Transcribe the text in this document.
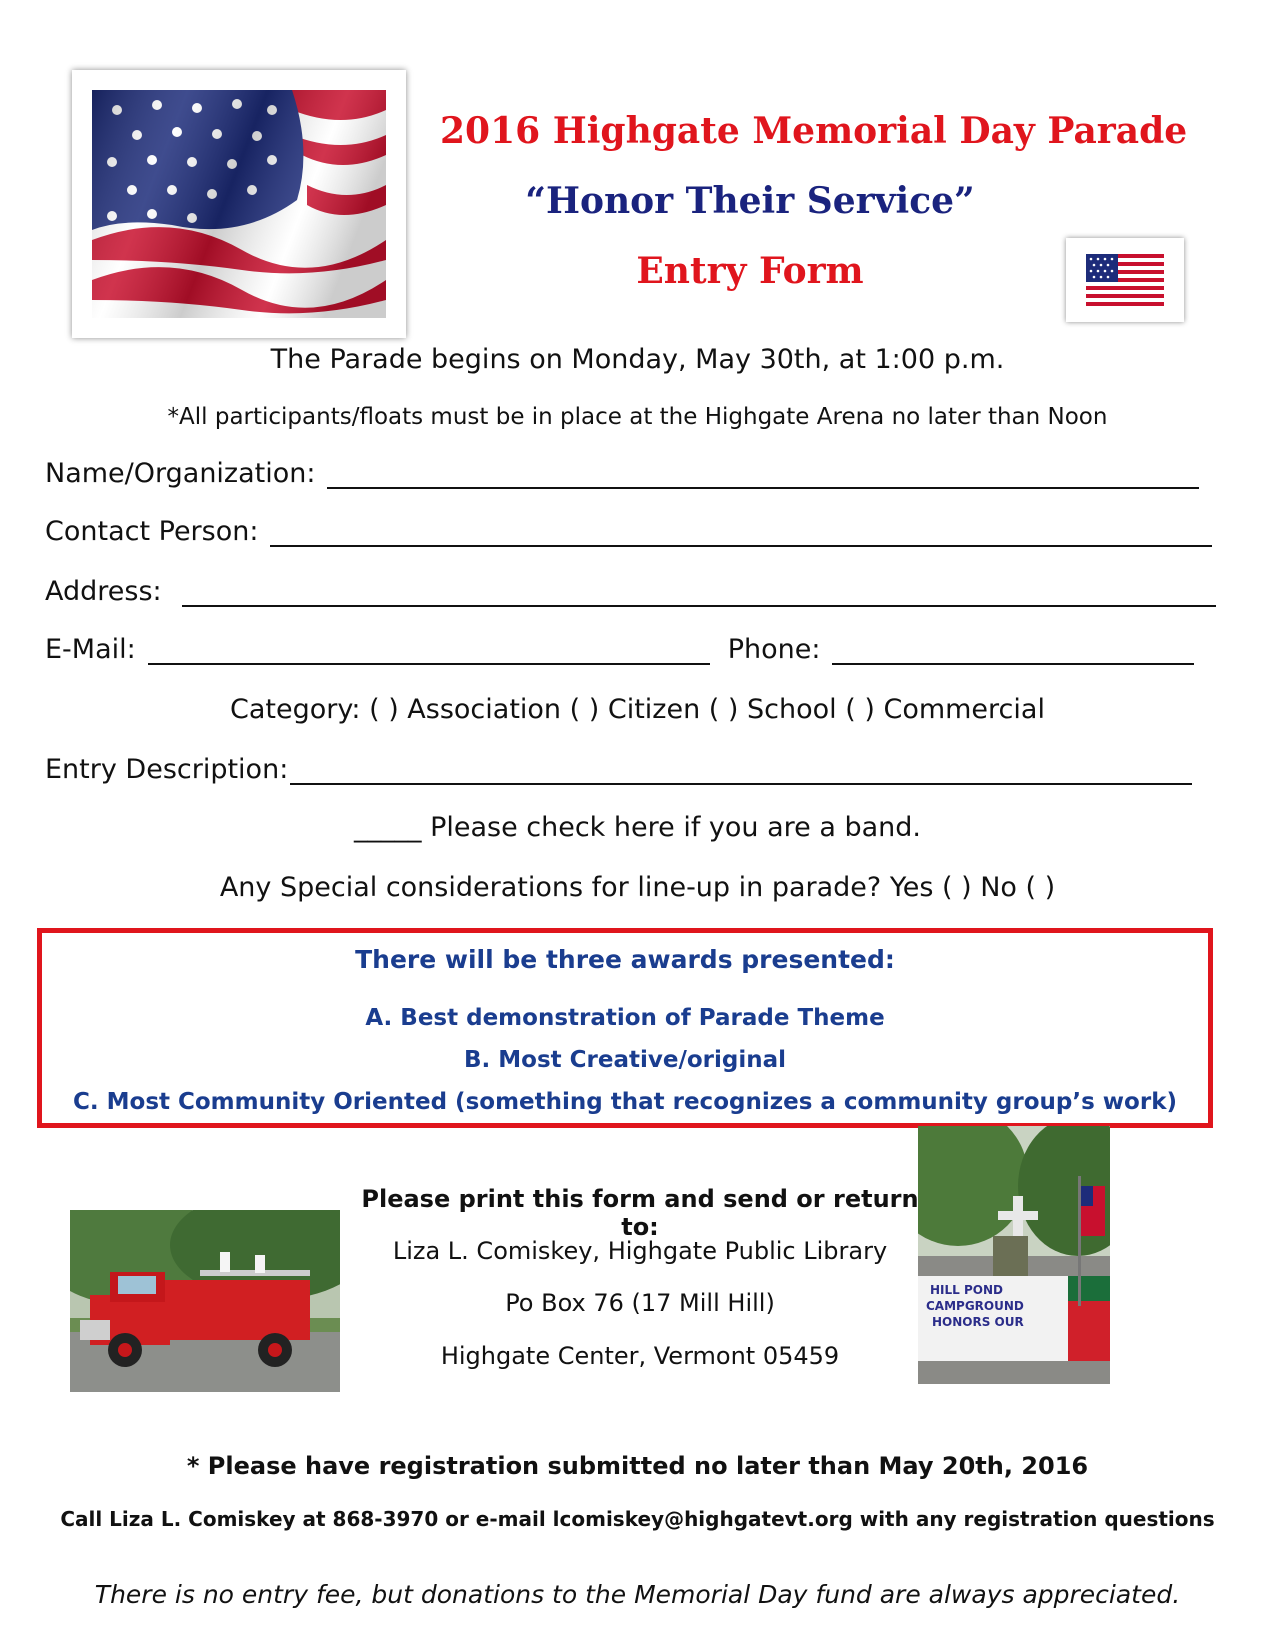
2016 Highgate Memorial Day Parade
“Honor Their Service”
Entry Form
The Parade begins on Monday, May 30th, at 1:00 p.m.
*All participants/floats must be in place at the Highgate Arena no later than Noon
Name/Organization:
Contact Person:
Address:
E-Mail:	Phone:
Category: ( ) Association ( ) Citizen ( ) School ( ) Commercial
Entry Description:
_____ Please check here if you are a band.
Any Special considerations for line-up in parade? Yes ( ) No ( )
There will be three awards presented:
A. Best demonstration of Parade Theme
B. Most Creative/original
C. Most Community Oriented (something that recognizes a community group’s work)
HILL POND
CAMPGROUND
HONORS OUR
Please print this form and send or return to:
Liza L. Comiskey, Highgate Public Library
Po Box 76 (17 Mill Hill)
Highgate Center, Vermont 05459
* Please have registration submitted no later than May 20th, 2016
Call Liza L. Comiskey at 868-3970 or e-mail lcomiskey@highgatevt.org with any registration questions
There is no entry fee, but donations to the Memorial Day fund are always appreciated.
